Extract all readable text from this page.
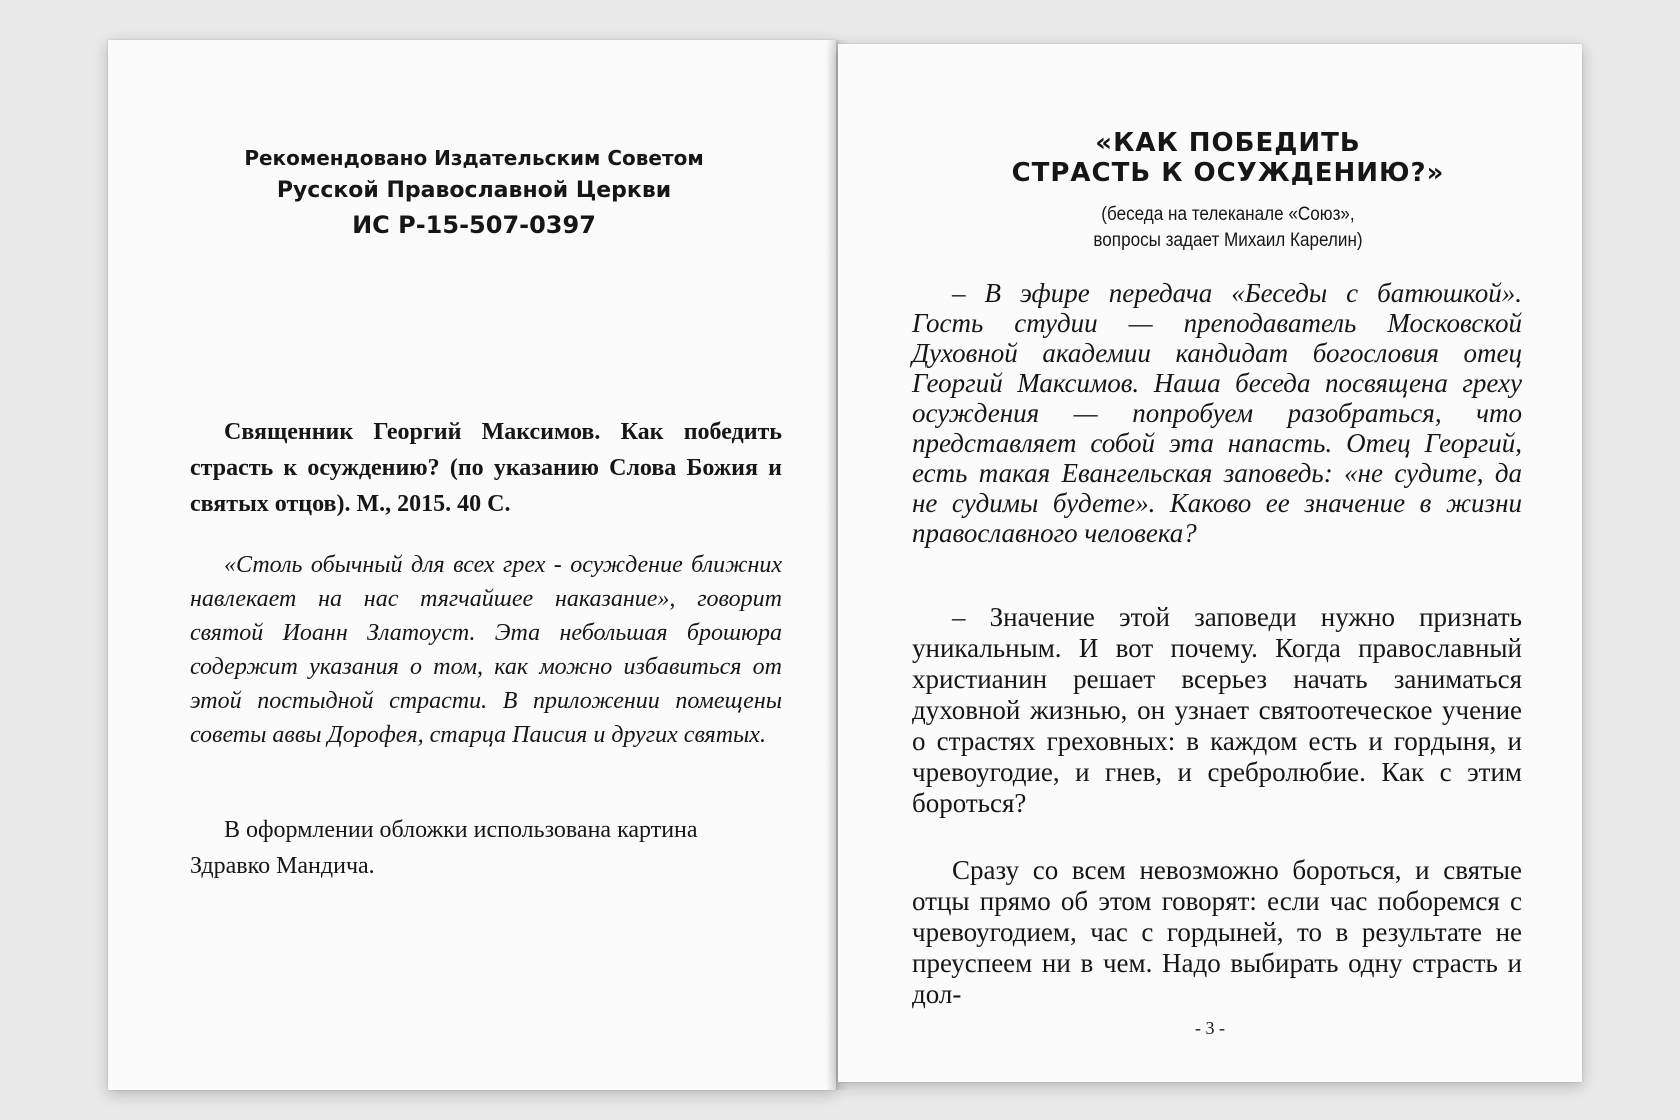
Рекомендовано Издательским Советом
Русской Православной Церкви
ИС Р-15-507-0397
Священник Георгий Максимов. Как победить страсть к осуждению? (по указанию Слова Божия и святых отцов). М., 2015. 40 С.
«Столь обычный для всех грех - осуждение ближних навлекает на нас тягчайшее наказание», говорит святой Иоанн Златоуст. Эта небольшая брошюра содержит указания о том, как можно избавиться от этой постыдной страсти. В приложении помещены советы аввы Дорофея, старца Паисия и других святых.
В оформлении обложки использована картина Здравко Мандича.
«КАК ПОБЕДИТЬ
СТРАСТЬ К ОСУЖДЕНИЮ?»
(беседа на телеканале «Союз»,
вопросы задает Михаил Карелин)
– В эфире передача «Беседы с батюшкой». Гость студии — преподаватель Московской Духовной академии кандидат богословия отец Георгий Максимов. Наша беседа посвящена греху осуждения — попробуем разобраться, что представляет собой эта напасть. Отец Георгий, есть такая Евангельская заповедь: «не судите, да не судимы будете». Каково ее значение в жизни православного человека?
– Значение этой заповеди нужно признать уникальным. И вот почему. Когда православный христианин решает всерьез начать заниматься духовной жизнью, он узнает святоотеческое учение о страстях греховных: в каждом есть и гордыня, и чревоугодие, и гнев, и сребролюбие. Как с этим бороться?
Сразу со всем невозможно бороться, и святые отцы прямо об этом говорят: если час поборемся с чревоугодием, час с гордыней, то в результате не преуспеем ни в чем. Надо выбирать одну страсть и дол-
- 3 -
